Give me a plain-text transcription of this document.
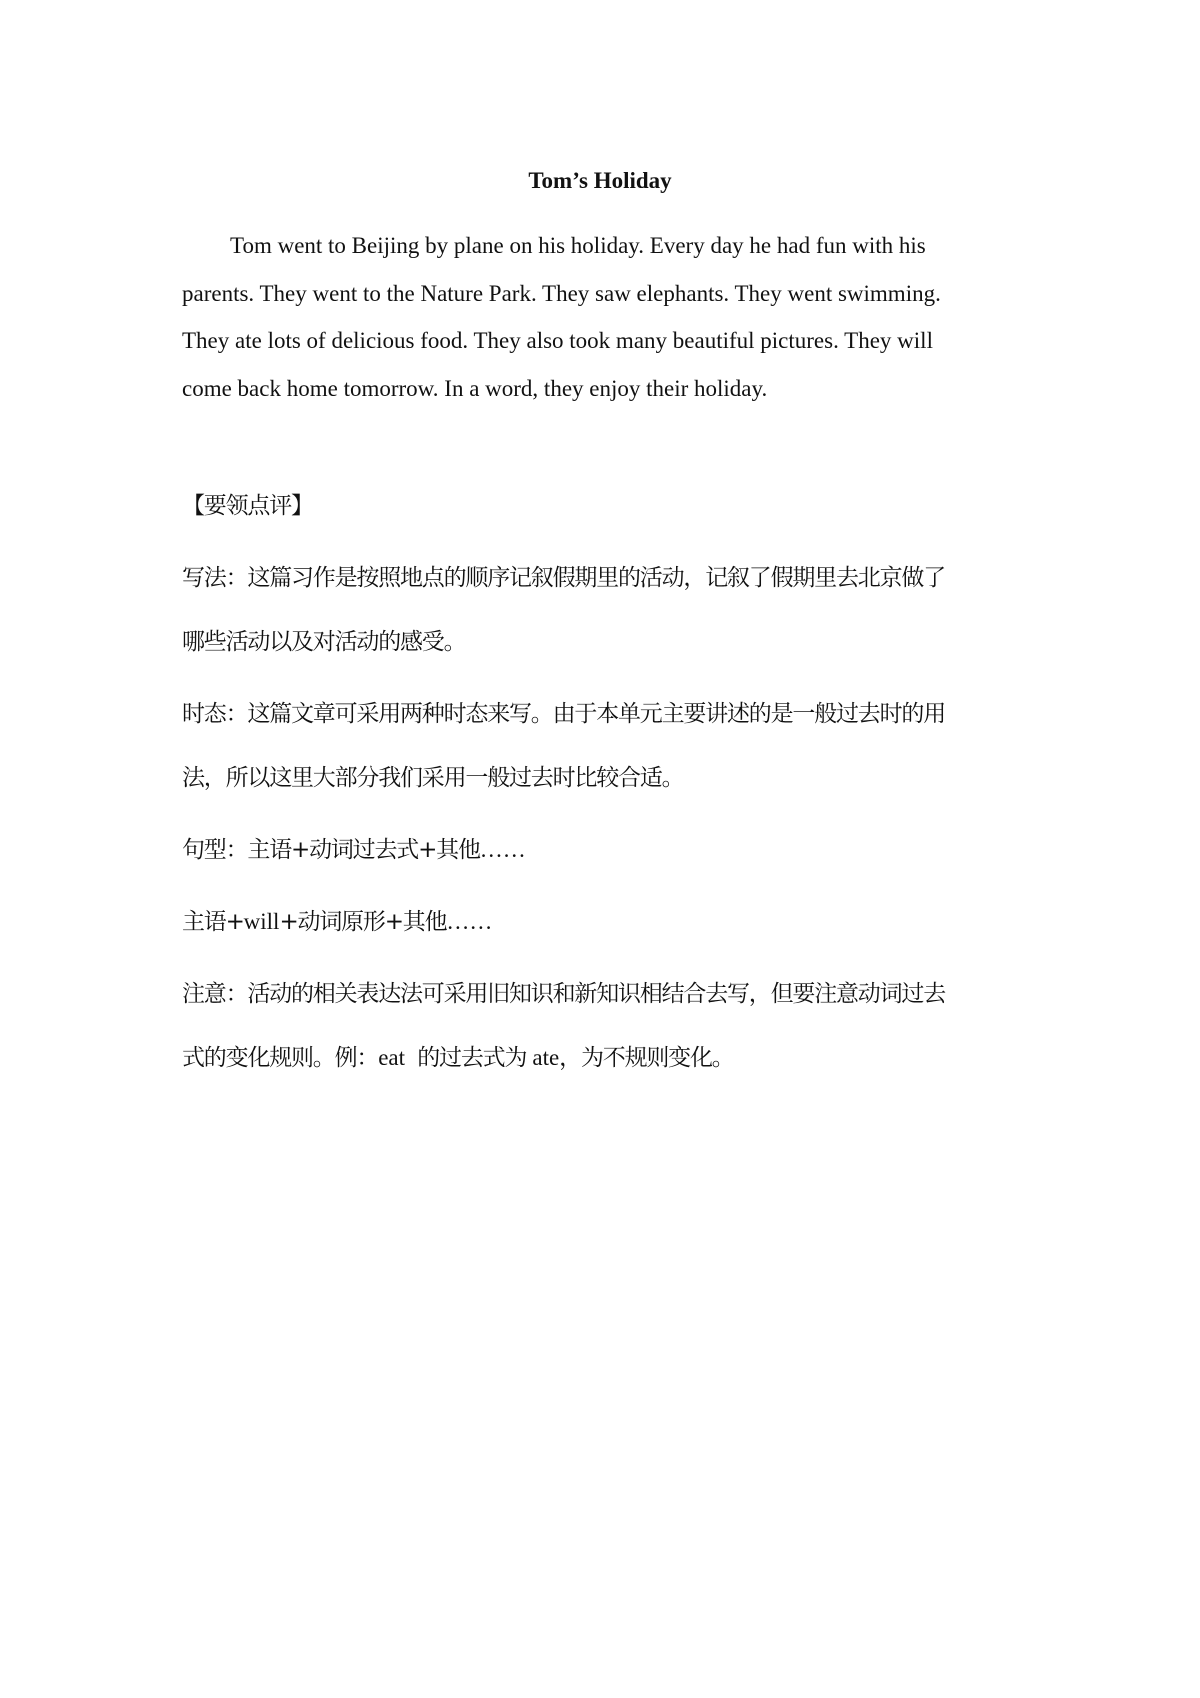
Tom’s Holiday
Tom went to Beijing by plane on his holiday. Every day he had fun with his
parents. They went to the Nature Park. They saw elephants. They went swimming.
They ate lots of delicious food. They also took many beautiful pictures. They will
come back home tomorrow. In a word, they enjoy their holiday.
【要领点评】
写法：这篇习作是按照地点的顺序记叙假期里的活动，记叙了假期里去北京做了
哪些活动以及对活动的感受。
时态：这篇文章可采用两种时态来写。由于本单元主要讲述的是一般过去时的用
法，所以这里大部分我们采用一般过去时比较合适。
句型：主语+动词过去式+其他……
主语+will+动词原形+其他……
注意：活动的相关表达法可采用旧知识和新知识相结合去写，但要注意动词过去
式的变化规则。例：eat  的过去式为 ate，为不规则变化。
